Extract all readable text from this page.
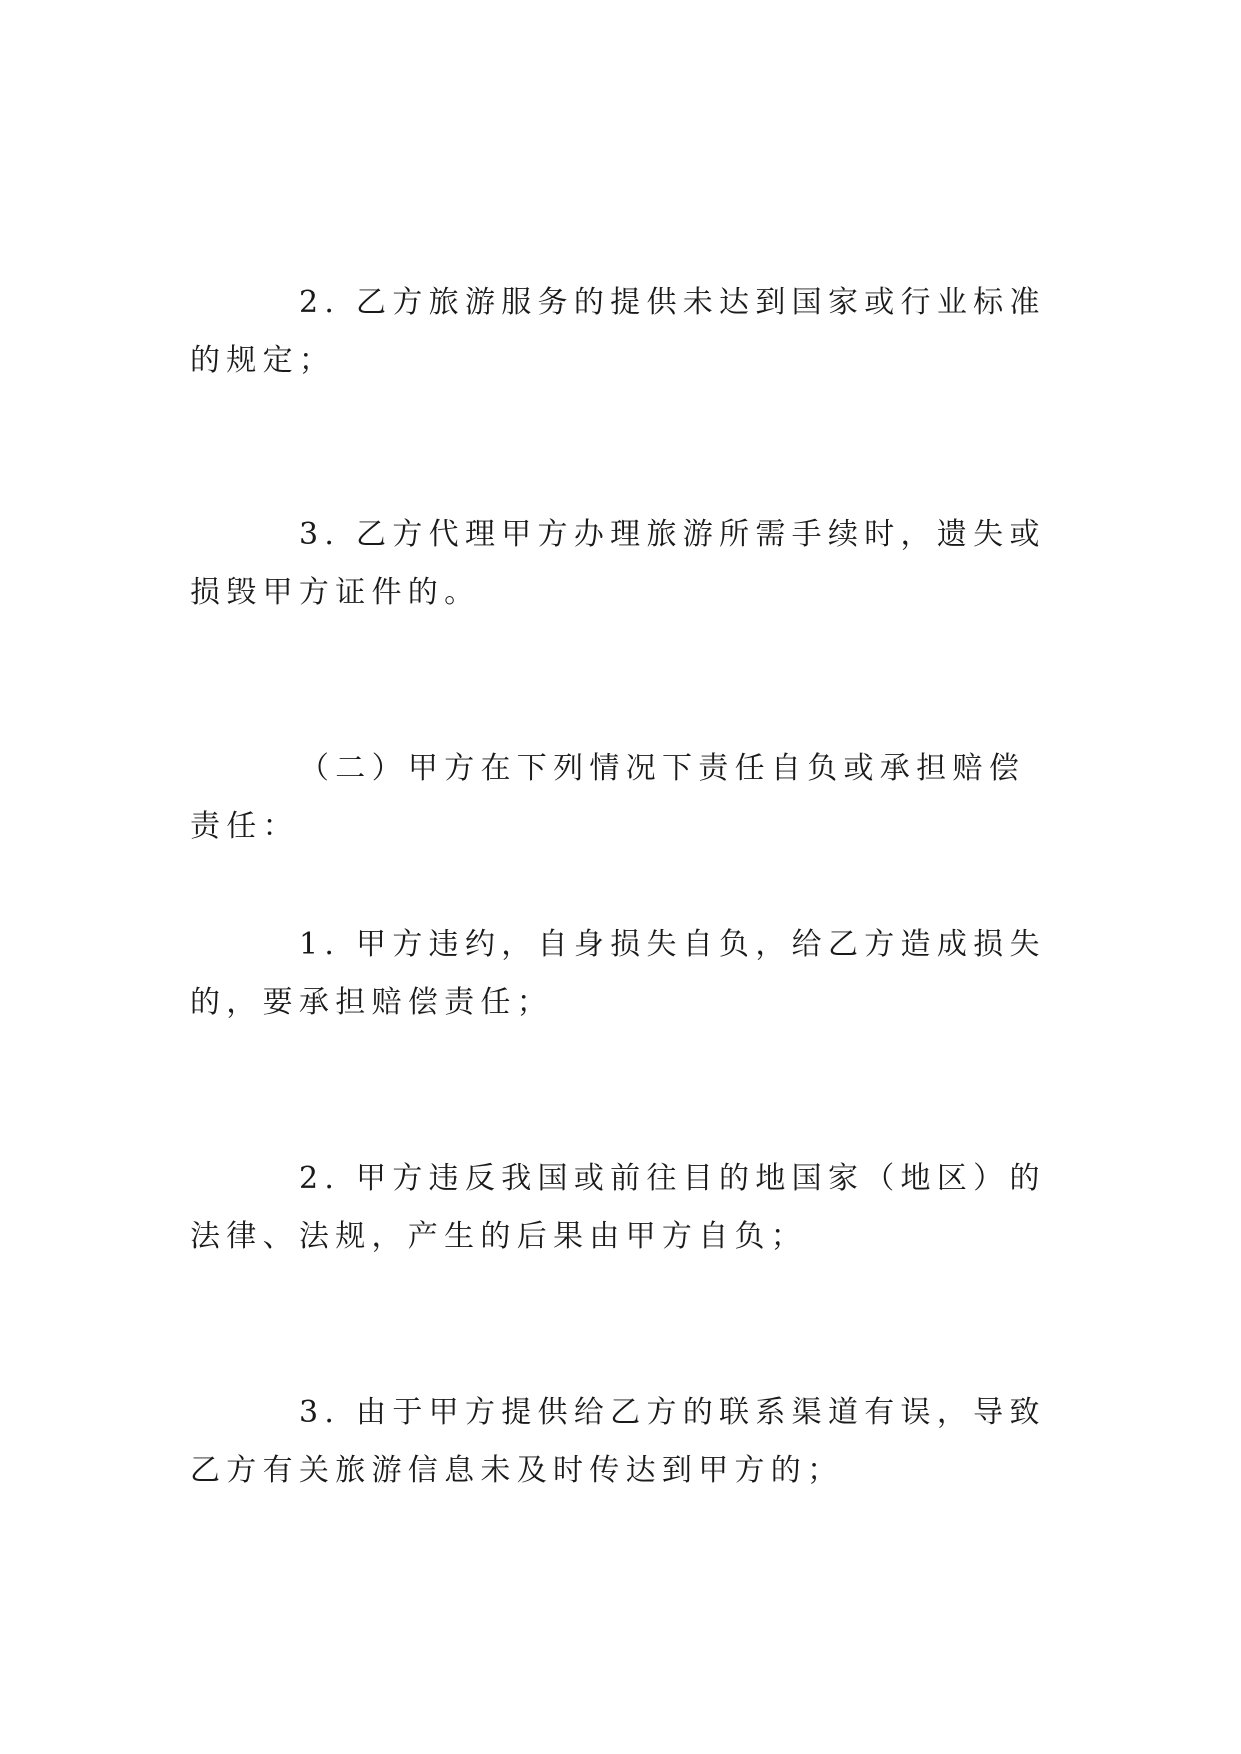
2. 乙方旅游服务的提供未达到国家或行业标准的规定；

3. 乙方代理甲方办理旅游所需手续时，遗失或损毁甲方证件的。

（二）甲方在下列情况下责任自负或承担赔偿责任：

1. 甲方违约，自身损失自负，给乙方造成损失的，要承担赔偿责任；

2. 甲方违反我国或前往目的地国家（地区）的法律、法规，产生的后果由甲方自负；

3. 由于甲方提供给乙方的联系渠道有误，导致乙方有关旅游信息未及时传达到甲方的；
